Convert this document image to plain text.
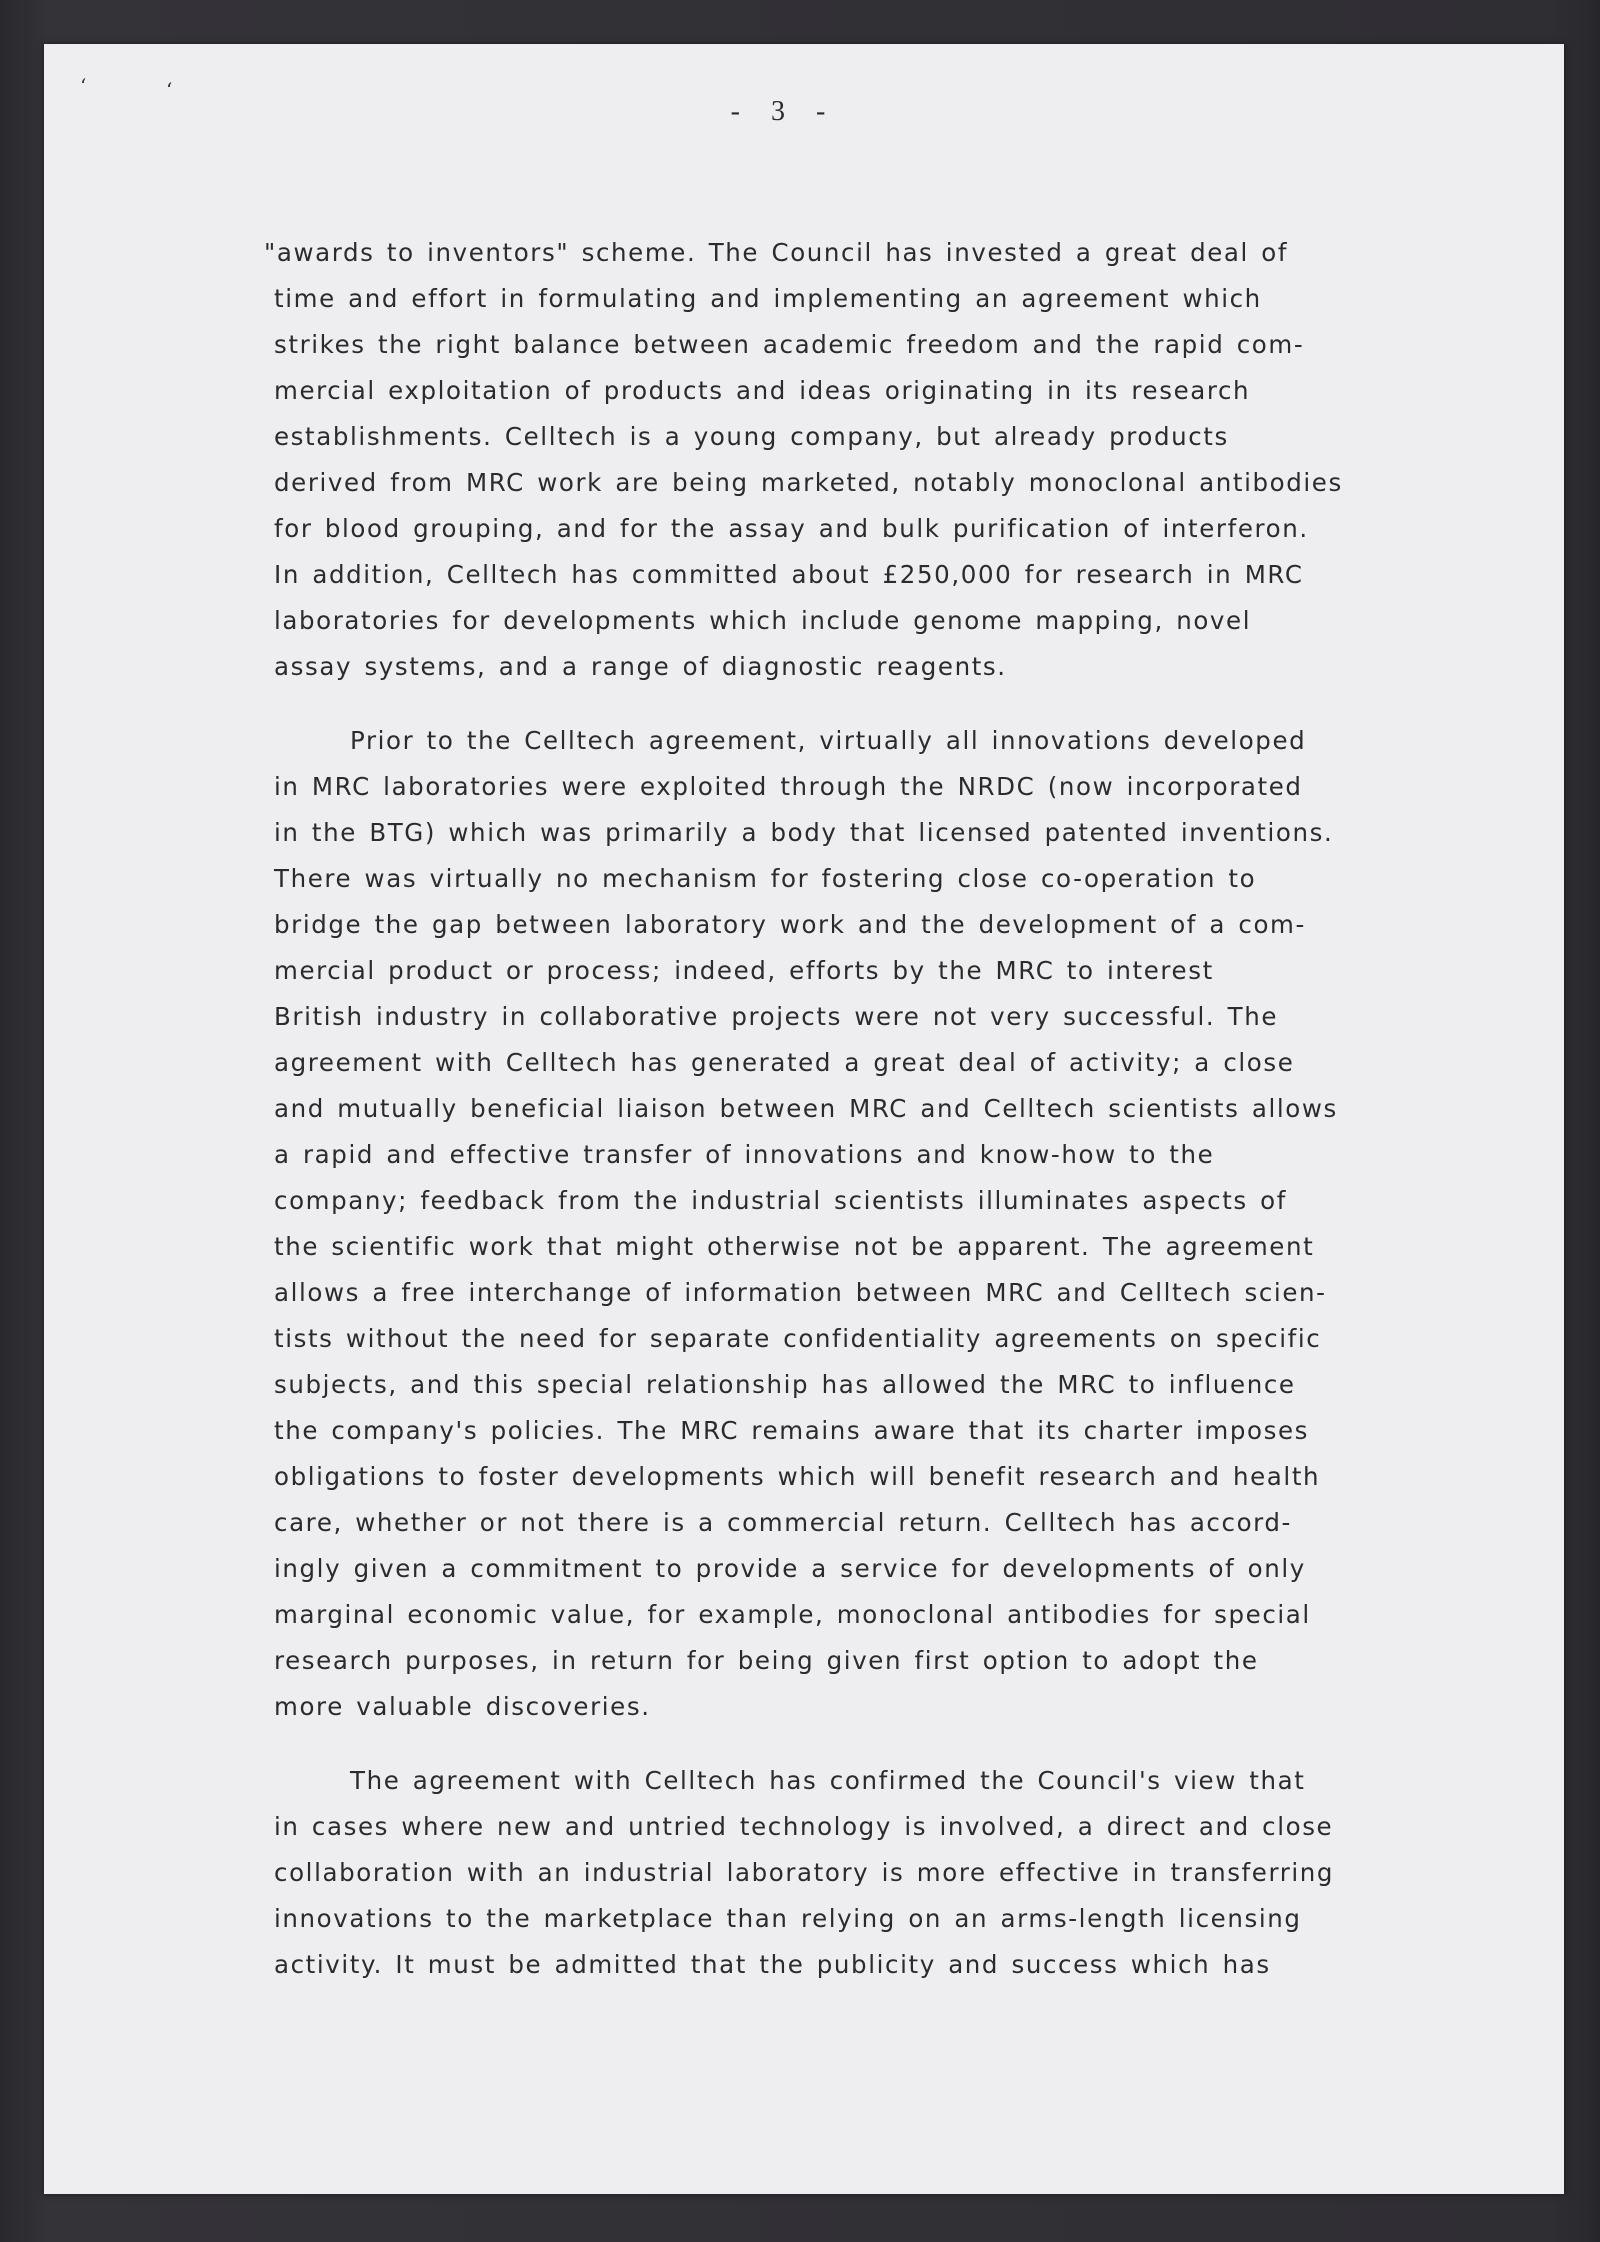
‘	‘
- 3 -
"awards to inventors" scheme. The Council has invested a great deal of
time and effort in formulating and implementing an agreement which
strikes the right balance between academic freedom and the rapid com-
mercial exploitation of products and ideas originating in its research
establishments. Celltech is a young company, but already products
derived from MRC work are being marketed, notably monoclonal antibodies
for blood grouping, and for the assay and bulk purification of interferon.
In addition, Celltech has committed about £250,000 for research in MRC
laboratories for developments which include genome mapping, novel
assay systems, and a range of diagnostic reagents.
Prior to the Celltech agreement, virtually all innovations developed
in MRC laboratories were exploited through the NRDC (now incorporated
in the BTG) which was primarily a body that licensed patented inventions.
There was virtually no mechanism for fostering close co-operation to
bridge the gap between laboratory work and the development of a com-
mercial product or process; indeed, efforts by the MRC to interest
British industry in collaborative projects were not very successful. The
agreement with Celltech has generated a great deal of activity; a close
and mutually beneficial liaison between MRC and Celltech scientists allows
a rapid and effective transfer of innovations and know-how to the
company; feedback from the industrial scientists illuminates aspects of
the scientific work that might otherwise not be apparent. The agreement
allows a free interchange of information between MRC and Celltech scien-
tists without the need for separate confidentiality agreements on specific
subjects, and this special relationship has allowed the MRC to influence
the company's policies. The MRC remains aware that its charter imposes
obligations to foster developments which will benefit research and health
care, whether or not there is a commercial return. Celltech has accord-
ingly given a commitment to provide a service for developments of only
marginal economic value, for example, monoclonal antibodies for special
research purposes, in return for being given first option to adopt the
more valuable discoveries.
The agreement with Celltech has confirmed the Council's view that
in cases where new and untried technology is involved, a direct and close
collaboration with an industrial laboratory is more effective in transferring
innovations to the marketplace than relying on an arms-length licensing
activity. It must be admitted that the publicity and success which has
